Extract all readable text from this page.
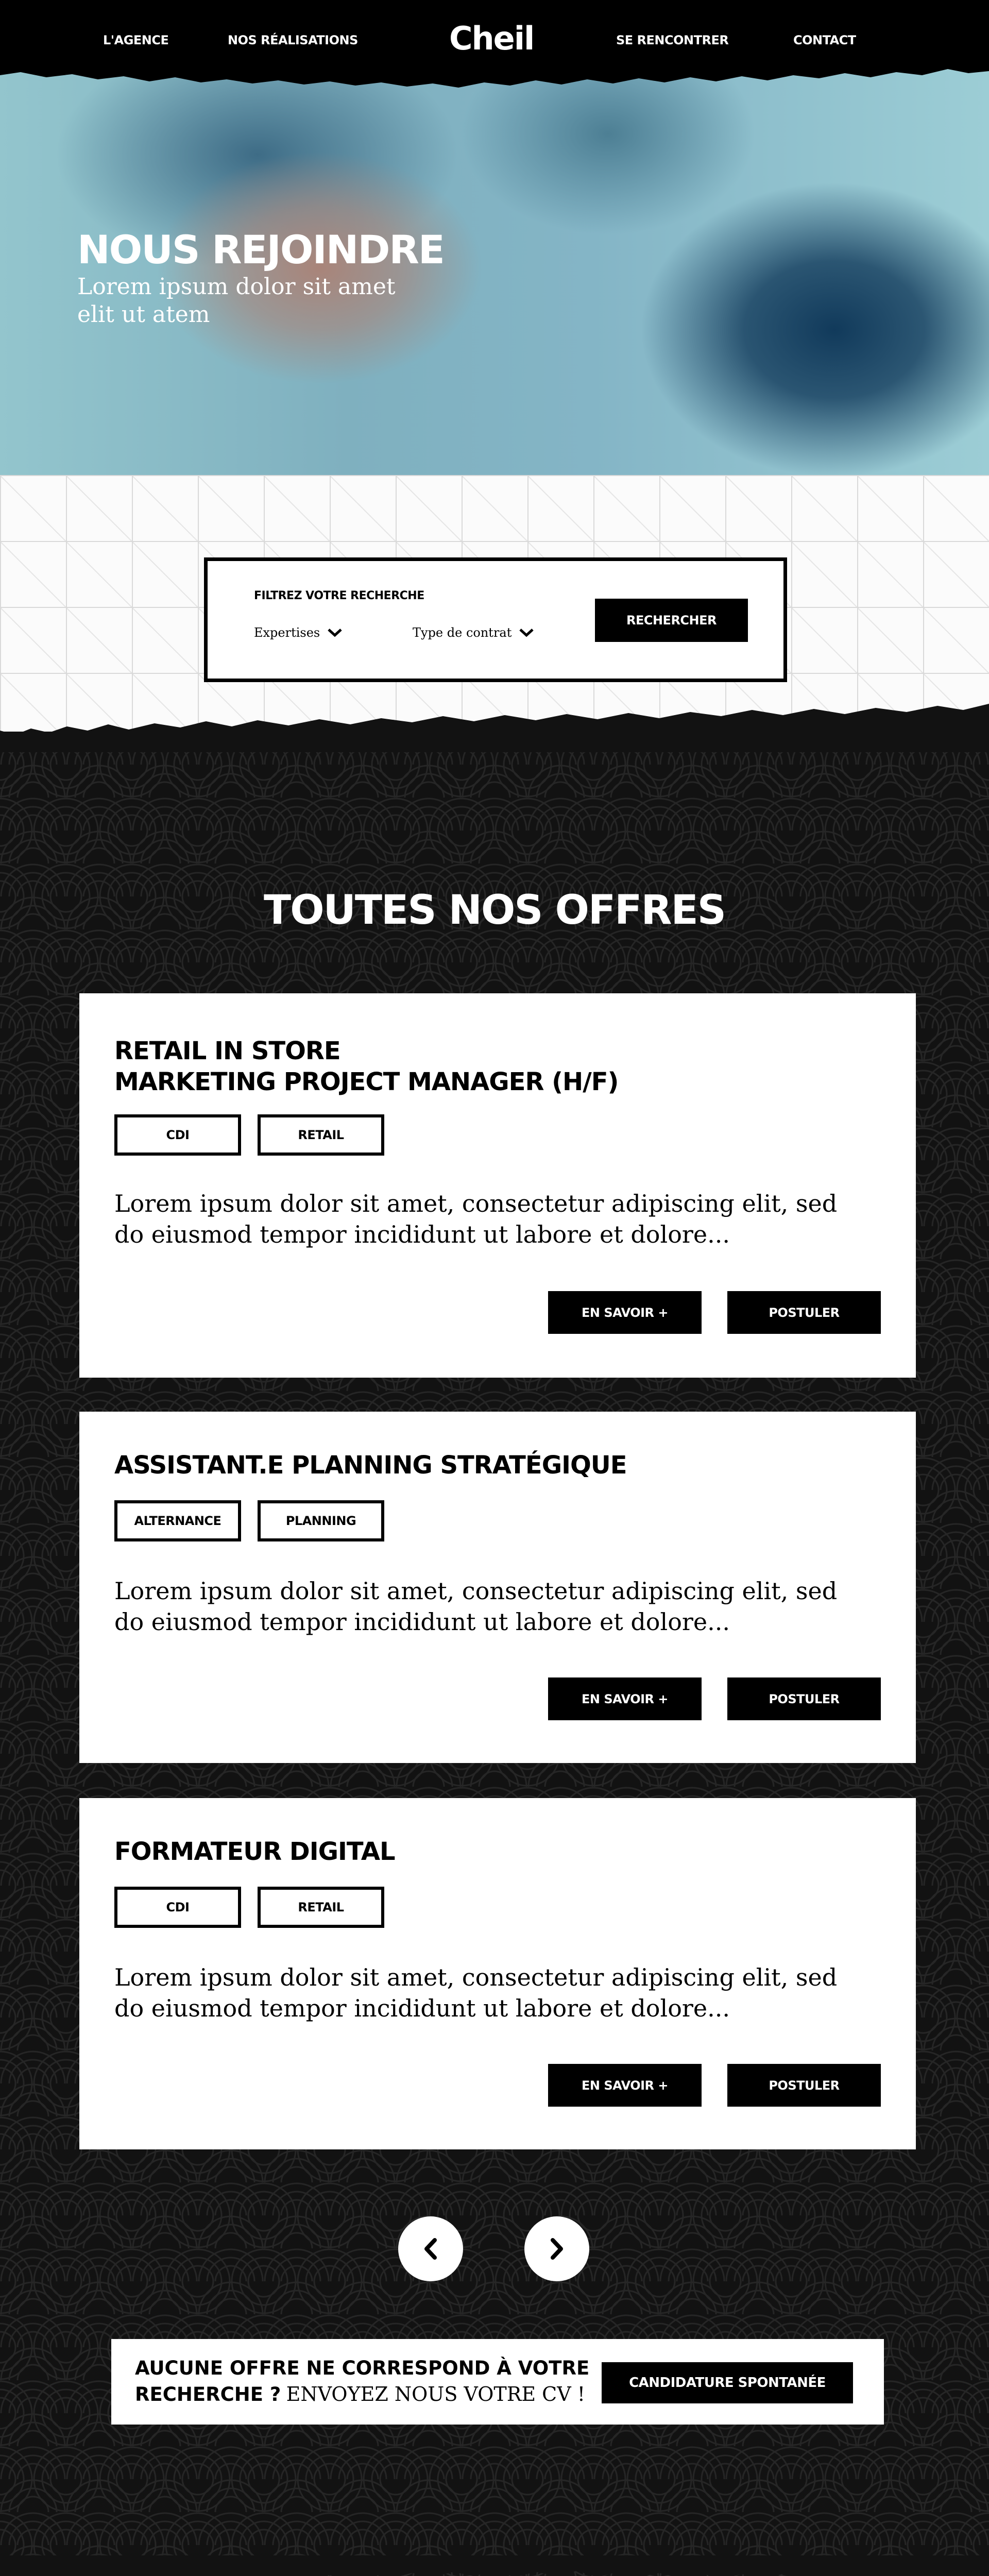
L'AGENCE	NOS RÉALISATIONS	Cheil	SE RENCONTRER	CONTACT
NOUS REJOINDRE

Lorem ipsum dolor sit amet elit ut atem

FILTREZ VOTRE RECHERCHE
Expertises	Type de contrat
RECHERCHER
TOUTES NOS OFFRES
RETAIL IN STORE
MARKETING PROJECT MANAGER (H/F)
CDI	RETAIL

Lorem ipsum dolor sit amet, consectetur adipiscing elit, sed do eiusmod tempor incididunt ut labore et dolore...

EN SAVOIR +	POSTULER
ASSISTANT.E PLANNING STRATÉGIQUE
ALTERNANCE	PLANNING

Lorem ipsum dolor sit amet, consectetur adipiscing elit, sed do eiusmod tempor incididunt ut labore et dolore...

EN SAVOIR +	POSTULER
FORMATEUR DIGITAL
CDI	RETAIL

Lorem ipsum dolor sit amet, consectetur adipiscing elit, sed do eiusmod tempor incididunt ut labore et dolore...

EN SAVOIR +	POSTULER

AUCUNE OFFRE NE CORRESPOND À VOTRE RECHERCHE ? ENVOYEZ NOUS VOTRE CV !	CANDIDATURE SPONTANÉE
